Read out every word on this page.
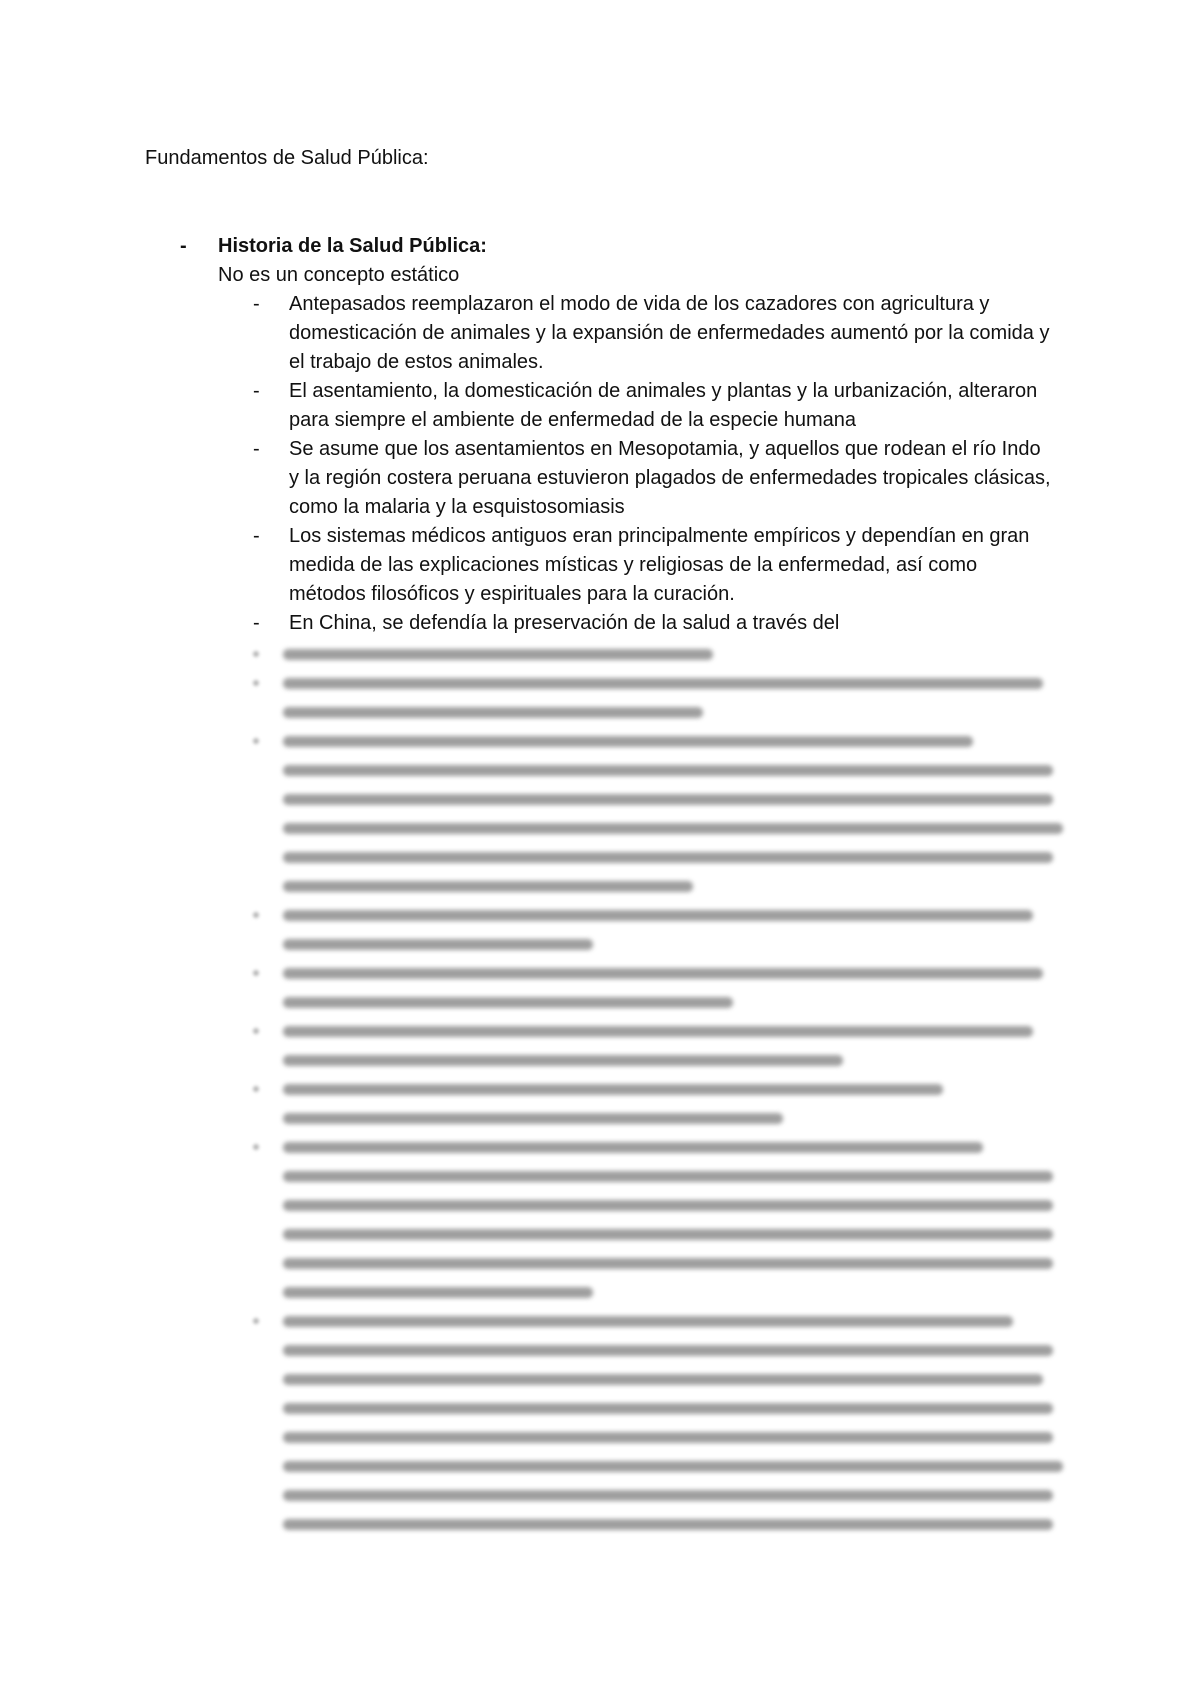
Fundamentos de Salud Pública:
- Historia de la Salud Pública:
No es un concepto estático
- Antepasados reemplazaron el modo de vida de los cazadores con agricultura y domesticación de animales y la expansión de enfermedades aumentó por la comida y el trabajo de estos animales.
- El asentamiento, la domesticación de animales y plantas y la urbanización, alteraron para siempre el ambiente de enfermedad de la especie humana
- Se asume que los asentamientos en Mesopotamia, y aquellos que rodean el río Indo y la región costera peruana estuvieron plagados de enfermedades tropicales clásicas, como la malaria y la esquistosomiasis
- Los sistemas médicos antiguos eran principalmente empíricos y dependían en gran medida de las explicaciones místicas y religiosas de la enfermedad, así como métodos filosóficos y espirituales para la curación.
- En China, se defendía la preservación de la salud a través del
